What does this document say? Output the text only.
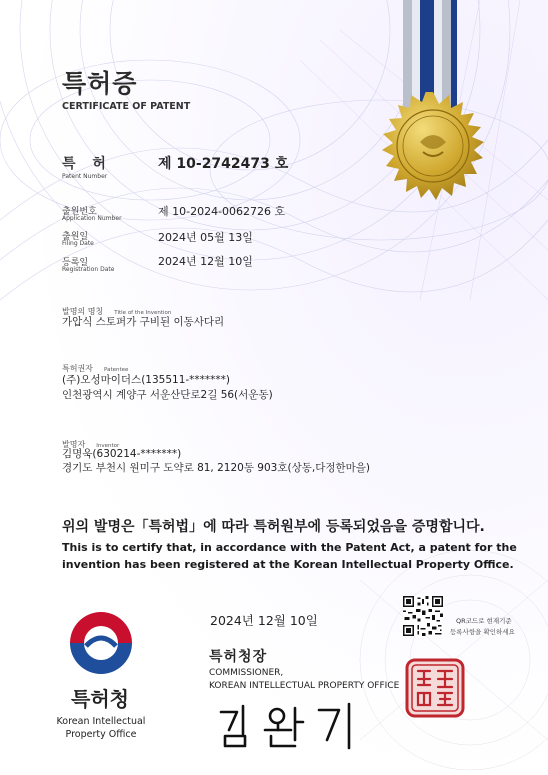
특허증
CERTIFICATE OF PATENT
특 허
Patent Number
제 10-2742473 호
출원번호
Application Number
제 10-2024-0062726 호
출원일
Filing Date	2024년 05월 13일
등록일
Registration Date
2024년 12월 10일
발명의 명칭 Title of the Invention
가압식 스토퍼가 구비된 이동사다리
특허권자 Patentee
(주)오성마이더스(135511-*******)
인천광역시 계양구 서운산단로2길 56(서운동)
발명자 Inventor
김명욱(630214-*******)
경기도 부천시 원미구 도약로 81, 2120동 903호(상동,다정한마을)
위의 발명은「특허법」에 따라 특허원부에 등록되었음을 증명합니다.
This is to certify that, in accordance with the Patent Act, a patent for the
invention has been registered at the Korean Intellectual Property Office.
2024년 12월 10일
특허청장
COMMISSIONER,
KOREAN INTELLECTUAL PROPERTY OFFICE
QR코드로 현재기준
등록사항을 확인하세요
특허청
Korean Intellectual
Property Office
